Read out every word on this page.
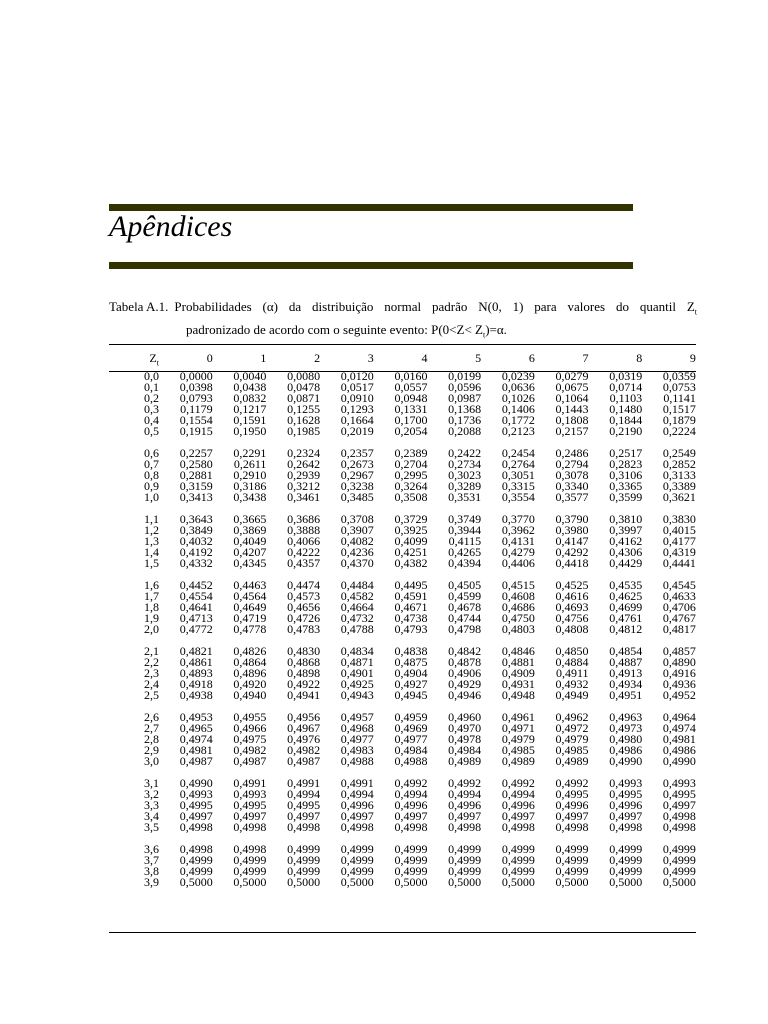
Apêndices
Tabela A.1. Probabilidades (α) da distribuição normal padrão N(0, 1) para valores do quantil $Z_t$
padronizado de acordo com o seguinte evento: $P(0<Z< Z_t)=\alpha$.
$Z_t$	0	1	2	3	4	5	6	7	8	9
0,0	0,0000	0,0040	0,0080	0,0120	0,0160	0,0199	0,0239	0,0279	0,0319	0,0359
0,1	0,0398	0,0438	0,0478	0,0517	0,0557	0,0596	0,0636	0,0675	0,0714	0,0753
0,2	0,0793	0,0832	0,0871	0,0910	0,0948	0,0987	0,1026	0,1064	0,1103	0,1141
0,3	0,1179	0,1217	0,1255	0,1293	0,1331	0,1368	0,1406	0,1443	0,1480	0,1517
0,4	0,1554	0,1591	0,1628	0,1664	0,1700	0,1736	0,1772	0,1808	0,1844	0,1879
0,5	0,1915	0,1950	0,1985	0,2019	0,2054	0,2088	0,2123	0,2157	0,2190	0,2224
0,6	0,2257	0,2291	0,2324	0,2357	0,2389	0,2422	0,2454	0,2486	0,2517	0,2549
0,7	0,2580	0,2611	0,2642	0,2673	0,2704	0,2734	0,2764	0,2794	0,2823	0,2852
0,8	0,2881	0,2910	0,2939	0,2967	0,2995	0,3023	0,3051	0,3078	0,3106	0,3133
0,9	0,3159	0,3186	0,3212	0,3238	0,3264	0,3289	0,3315	0,3340	0,3365	0,3389
1,0	0,3413	0,3438	0,3461	0,3485	0,3508	0,3531	0,3554	0,3577	0,3599	0,3621
1,1	0,3643	0,3665	0,3686	0,3708	0,3729	0,3749	0,3770	0,3790	0,3810	0,3830
1,2	0,3849	0,3869	0,3888	0,3907	0,3925	0,3944	0,3962	0,3980	0,3997	0,4015
1,3	0,4032	0,4049	0,4066	0,4082	0,4099	0,4115	0,4131	0,4147	0,4162	0,4177
1,4	0,4192	0,4207	0,4222	0,4236	0,4251	0,4265	0,4279	0,4292	0,4306	0,4319
1,5	0,4332	0,4345	0,4357	0,4370	0,4382	0,4394	0,4406	0,4418	0,4429	0,4441
1,6	0,4452	0,4463	0,4474	0,4484	0,4495	0,4505	0,4515	0,4525	0,4535	0,4545
1,7	0,4554	0,4564	0,4573	0,4582	0,4591	0,4599	0,4608	0,4616	0,4625	0,4633
1,8	0,4641	0,4649	0,4656	0,4664	0,4671	0,4678	0,4686	0,4693	0,4699	0,4706
1,9	0,4713	0,4719	0,4726	0,4732	0,4738	0,4744	0,4750	0,4756	0,4761	0,4767
2,0	0,4772	0,4778	0,4783	0,4788	0,4793	0,4798	0,4803	0,4808	0,4812	0,4817
2,1	0,4821	0,4826	0,4830	0,4834	0,4838	0,4842	0,4846	0,4850	0,4854	0,4857
2,2	0,4861	0,4864	0,4868	0,4871	0,4875	0,4878	0,4881	0,4884	0,4887	0,4890
2,3	0,4893	0,4896	0,4898	0,4901	0,4904	0,4906	0,4909	0,4911	0,4913	0,4916
2,4	0,4918	0,4920	0,4922	0,4925	0,4927	0,4929	0,4931	0,4932	0,4934	0,4936
2,5	0,4938	0,4940	0,4941	0,4943	0,4945	0,4946	0,4948	0,4949	0,4951	0,4952
2,6	0,4953	0,4955	0,4956	0,4957	0,4959	0,4960	0,4961	0,4962	0,4963	0,4964
2,7	0,4965	0,4966	0,4967	0,4968	0,4969	0,4970	0,4971	0,4972	0,4973	0,4974
2,8	0,4974	0,4975	0,4976	0,4977	0,4977	0,4978	0,4979	0,4979	0,4980	0,4981
2,9	0,4981	0,4982	0,4982	0,4983	0,4984	0,4984	0,4985	0,4985	0,4986	0,4986
3,0	0,4987	0,4987	0,4987	0,4988	0,4988	0,4989	0,4989	0,4989	0,4990	0,4990
3,1	0,4990	0,4991	0,4991	0,4991	0,4992	0,4992	0,4992	0,4992	0,4993	0,4993
3,2	0,4993	0,4993	0,4994	0,4994	0,4994	0,4994	0,4994	0,4995	0,4995	0,4995
3,3	0,4995	0,4995	0,4995	0,4996	0,4996	0,4996	0,4996	0,4996	0,4996	0,4997
3,4	0,4997	0,4997	0,4997	0,4997	0,4997	0,4997	0,4997	0,4997	0,4997	0,4998
3,5	0,4998	0,4998	0,4998	0,4998	0,4998	0,4998	0,4998	0,4998	0,4998	0,4998
3,6	0,4998	0,4998	0,4999	0,4999	0,4999	0,4999	0,4999	0,4999	0,4999	0,4999
3,7	0,4999	0,4999	0,4999	0,4999	0,4999	0,4999	0,4999	0,4999	0,4999	0,4999
3,8	0,4999	0,4999	0,4999	0,4999	0,4999	0,4999	0,4999	0,4999	0,4999	0,4999
3,9	0,5000	0,5000	0,5000	0,5000	0,5000	0,5000	0,5000	0,5000	0,5000	0,5000
